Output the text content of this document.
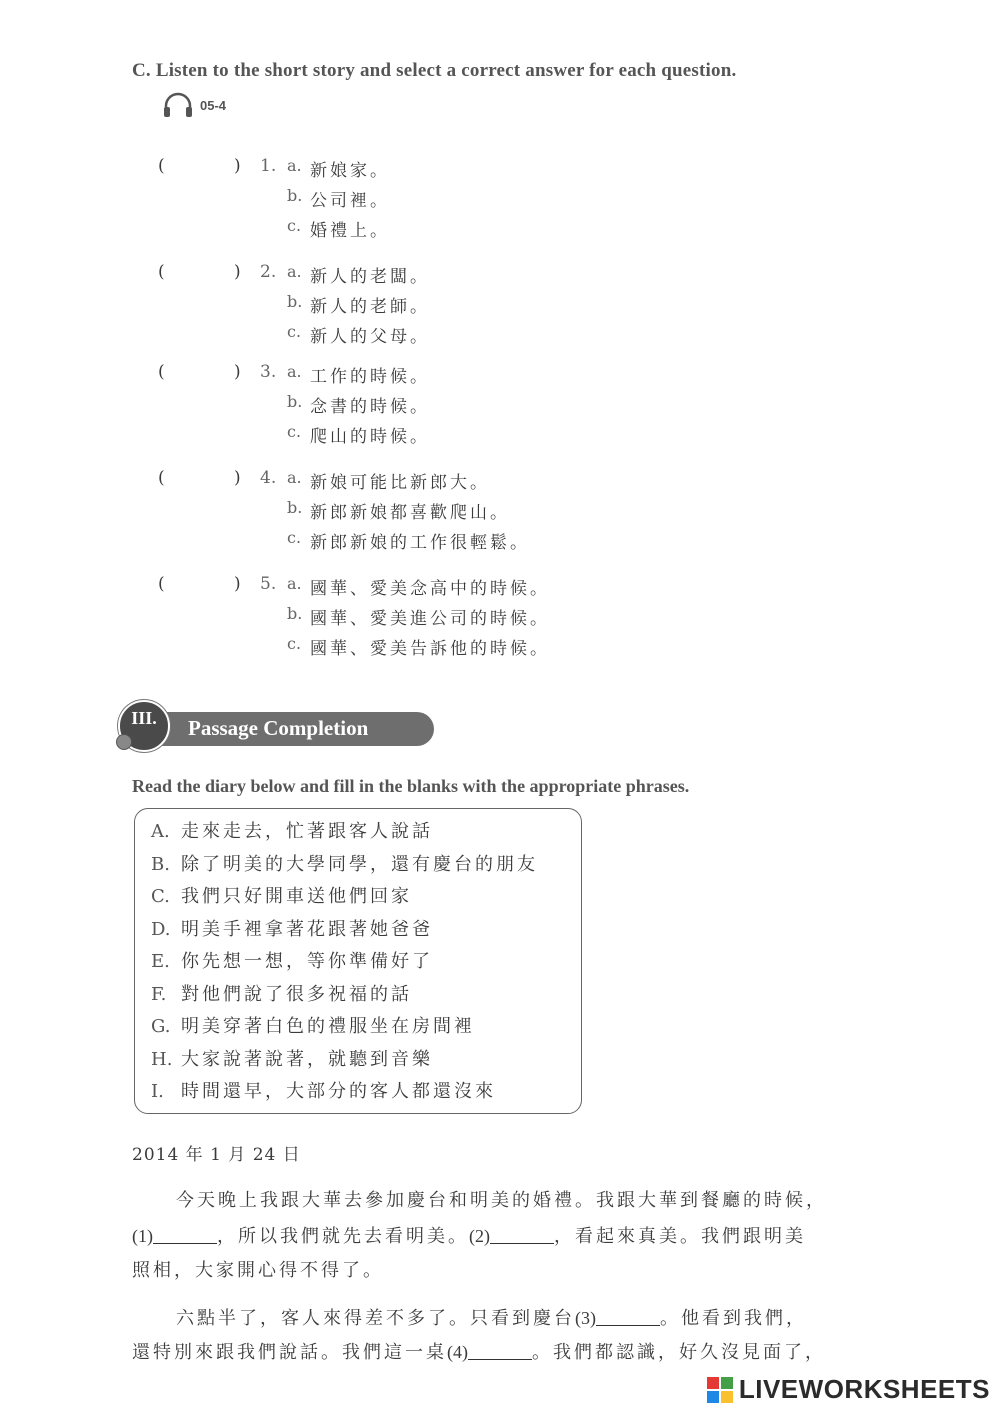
C. Listen to the short story and select a correct answer for each question.
05-4
(	) 1. a. 新娘家。
b. 公司裡。
c. 婚禮上。
(	) 2. a. 新人的老闆。
b. 新人的老師。
c. 新人的父母。
(	) 3. a. 工作的時候。
b. 念書的時候。
c. 爬山的時候。
(	) 4. a. 新娘可能比新郎大。
b. 新郎新娘都喜歡爬山。
c. 新郎新娘的工作很輕鬆。
(	) 5. a. 國華、愛美念高中的時候。
b. 國華、愛美進公司的時候。
c. 國華、愛美告訴他的時候。
Passage Completion
III.
Read the diary below and fill in the blanks with the appropriate phrases.
A. 走來走去，忙著跟客人說話
B. 除了明美的大學同學，還有慶台的朋友
C. 我們只好開車送他們回家
D. 明美手裡拿著花跟著她爸爸
E. 你先想一想，等你準備好了
F. 對他們說了很多祝福的話
G. 明美穿著白色的禮服坐在房間裡
H. 大家說著說著，就聽到音樂
I. 時間還早，大部分的客人都還沒來
2014 年 1 月 24 日
今天晚上我跟大華去參加慶台和明美的婚禮。我跟大華到餐廳的時候，
(1)	，所以我們就先去看明美。(2)	，看起來真美。我們跟明美
照相，大家開心得不得了。
六點半了，客人來得差不多了。只看到慶台(3)	。他看到我們，
還特別來跟我們說話。我們這一桌(4)	。我們都認識，好久沒見面了，
LIVEWORKSHEETS
